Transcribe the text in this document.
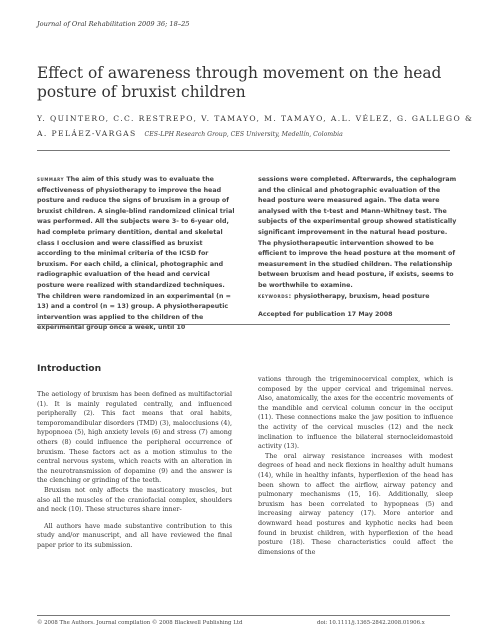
Journal of Oral Rehabilitation 2009 36; 18–25
Effect of awareness through movement on the head posture of bruxist children
Y. QUINTERO, C.C. RESTREPO, V. TAMAYO, M. TAMAYO, A.L. VÉLEZ, G. GALLEGO & A. PELÁEZ-VARGAS CES-LPH Research Group, CES University, Medellín, Colombia

summary The aim of this study was to evaluate the effectiveness of physiotherapy to improve the head posture and reduce the signs of bruxism in a group of bruxist children. A single-blind randomized clinical trial was performed. All the subjects were 3- to 6-year old, had complete primary dentition, dental and skeletal class I occlusion and were classified as bruxist according to the minimal criteria of the ICSD for bruxism. For each child, a clinical, photographic and radiographic evaluation of the head and cervical posture were realized with standardized techniques. The children were randomized in an experimental (n = 13) and a control (n = 13) group. A physiotherapeutic intervention was applied to the children of the experimental group once a week, until 10

sessions were completed. Afterwards, the cephalogram and the clinical and photographic evaluation of the head posture were measured again. The data were analysed with the t-test and Mann–Whitney test. The subjects of the experimental group showed statistically significant improvement in the natural head posture. The physiotherapeutic intervention showed to be efficient to improve the head posture at the moment of measurement in the studied children. The relationship between bruxism and head posture, if exists, seems to be worthwhile to examine.

keywords: physiotherapy, bruxism, head posture

Accepted for publication 17 May 2008

Introduction

The aetiology of bruxism has been defined as multifactorial (1). It is mainly regulated centrally, and influenced peripherally (2). This fact means that oral habits, temporomandibular disorders (TMD) (3), malocclusions (4), hypopnoea (5), high anxiety levels (6) and stress (7) among others (8) could influence the peripheral occurrence of bruxism. These factors act as a motion stimulus to the central nervous system, which reacts with an alteration in the neurotransmission of dopamine (9) and the answer is the clenching or grinding of the teeth.

Bruxism not only affects the masticatory muscles, but also all the muscles of the craniofacial complex, shoulders and neck (10). These structures share inner-

All authors have made substantive contribution to this study and/or manuscript, and all have reviewed the final paper prior to its submission.

vations through the trigeminocervical complex, which is composed by the upper cervical and trigeminal nerves. Also, anatomically, the axes for the eccentric movements of the mandible and cervical column concur in the occiput (11). These connections make the jaw position to influence the activity of the cervical muscles (12) and the neck inclination to influence the bilateral sternocleidomastoid activity (13).

The oral airway resistance increases with modest degrees of head and neck flexions in healthy adult humans (14), while in healthy infants, hyperflexion of the head has been shown to affect the airflow, airway patency and pulmonary mechanisms (15, 16). Additionally, sleep bruxism has been correlated to hypopneas (5) and increasing airway patency (17). More anterior and downward head postures and kyphotic necks had been found in bruxist children, with hyperflexion of the head posture (18). These characteristics could affect the dimensions of the

© 2008 The Authors. Journal compilation © 2008 Blackwell Publishing Ltd	doi: 10.1111/j.1365-2842.2008.01906.x
